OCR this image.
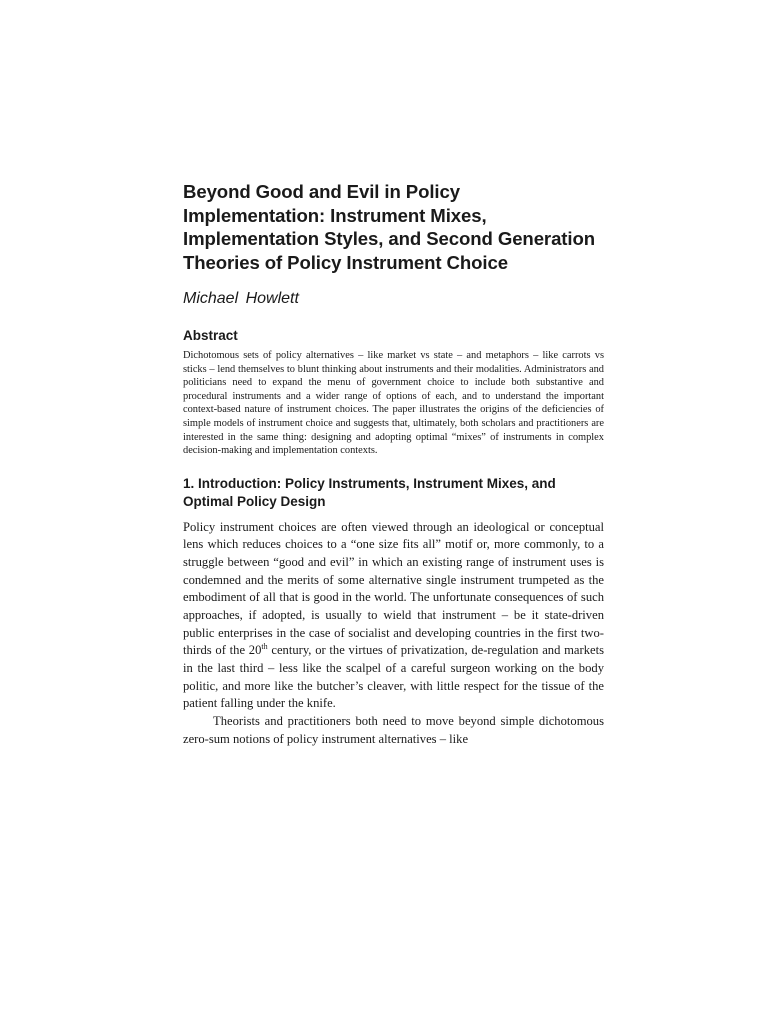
Beyond Good and Evil in Policy Implementation: Instrument Mixes, Implementation Styles, and Second Generation Theories of Policy Instrument Choice
Michael Howlett
Abstract

Dichotomous sets of policy alternatives – like market vs state – and metaphors – like carrots vs sticks – lend themselves to blunt thinking about instruments and their modalities. Administrators and politicians need to expand the menu of government choice to include both substantive and procedural instruments and a wider range of options of each, and to understand the important context-based nature of instrument choices. The paper illustrates the origins of the deficiencies of simple models of instrument choice and suggests that, ultimately, both scholars and practitioners are interested in the same thing: designing and adopting optimal “mixes” of instruments in complex decision-making and implementation contexts.

1. Introduction: Policy Instruments, Instrument Mixes, and Optimal Policy Design

Policy instrument choices are often viewed through an ideological or conceptual lens which reduces choices to a “one size fits all” motif or, more commonly, to a struggle between “good and evil” in which an existing range of instrument uses is condemned and the merits of some alternative single instrument trumpeted as the embodiment of all that is good in the world. The unfortunate consequences of such approaches, if adopted, is usually to wield that instrument – be it state-driven public enterprises in the case of socialist and developing countries in the first two-thirds of the 20th century, or the virtues of privatization, de-regulation and markets in the last third – less like the scalpel of a careful surgeon working on the body politic, and more like the butcher’s cleaver, with little respect for the tissue of the patient falling under the knife.

Theorists and practitioners both need to move beyond simple dichotomous zero-sum notions of policy instrument alternatives – like
